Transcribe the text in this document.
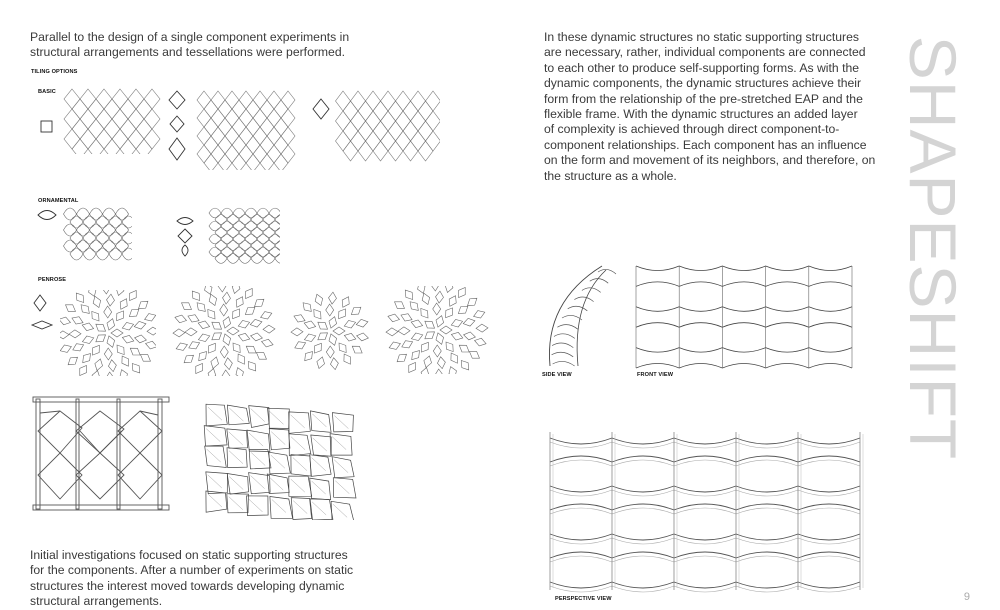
Parallel to the design of a single component experiments in
structural arrangements and tessellations were performed.

TILING OPTIONS
BASIC
ORNAMENTAL
PENROSE

Initial investigations focused on static supporting structures
for the components. After a number of experiments on static
structures the interest moved towards developing dynamic
structural arrangements.

In these dynamic structures no static supporting structures
are necessary, rather, individual components are connected
to each other to produce self-supporting forms. As with the
dynamic components, the dynamic structures achieve their
form from the relationship of the pre-stretched EAP and the
flexible frame. With the dynamic structures an added layer
of complexity is achieved through direct component-to-
component relationships. Each component has an influence
on the form and movement of its neighbors, and therefore, on
the structure as a whole.

SIDE VIEW	FRONT VIEW
PERSPECTIVE VIEW
SHAPESHIFT
9
